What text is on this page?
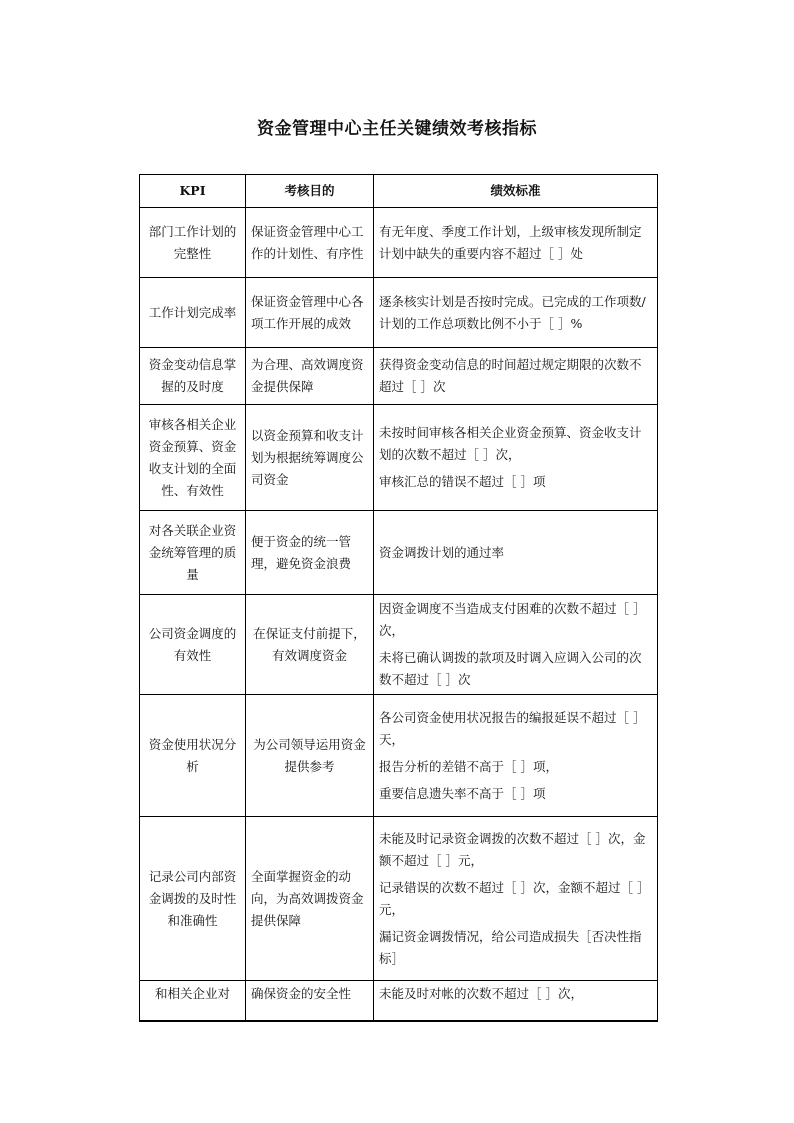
资金管理中心主任关键绩效考核指标
KPI	考核目的	绩效标准
部门工作计划的完整性	保证资金管理中心工作的计划性、有序性	有无年度、季度工作计划，上级审核发现所制定计划中缺失的重要内容不超过［ ］处

工作计划完成率	保证资金管理中心各项工作开展的成效	逐条核实计划是否按时完成。已完成的工作项数/计划的工作总项数比例不小于［ ］%

资金变动信息掌握的及时度	为合理、高效调度资金提供保障	获得资金变动信息的时间超过规定期限的次数不超过［ ］次

审核各相关企业资金预算、资金收支计划的全面性、有效性	以资金预算和收支计划为根据统筹调度公司资金	未按时间审核各相关企业资金预算、资金收支计划的次数不超过［ ］次，

审核汇总的错误不超过［ ］项

对各关联企业资金统筹管理的质量	便于资金的统一管理，避免资金浪费	资金调拨计划的通过率

公司资金调度的有效性	在保证支付前提下，有效调度资金	因资金调度不当造成支付困难的次数不超过［ ］次，

未将已确认调拨的款项及时调入应调入公司的次数不超过［ ］次

资金使用状况分析	为公司领导运用资金提供参考	各公司资金使用状况报告的编报延误不超过［ ］天，

报告分析的差错不高于［ ］项，

重要信息遗失率不高于［ ］项

记录公司内部资金调拨的及时性和准确性	全面掌握资金的动向，为高效调拨资金提供保障	未能及时记录资金调拨的次数不超过［ ］次，金额不超过［ ］元，

记录错误的次数不超过［ ］次，金额不超过［ ］元，

漏记资金调拨情况，给公司造成损失［否决性指标］

和相关企业对	确保资金的安全性	未能及时对帐的次数不超过［ ］次，
